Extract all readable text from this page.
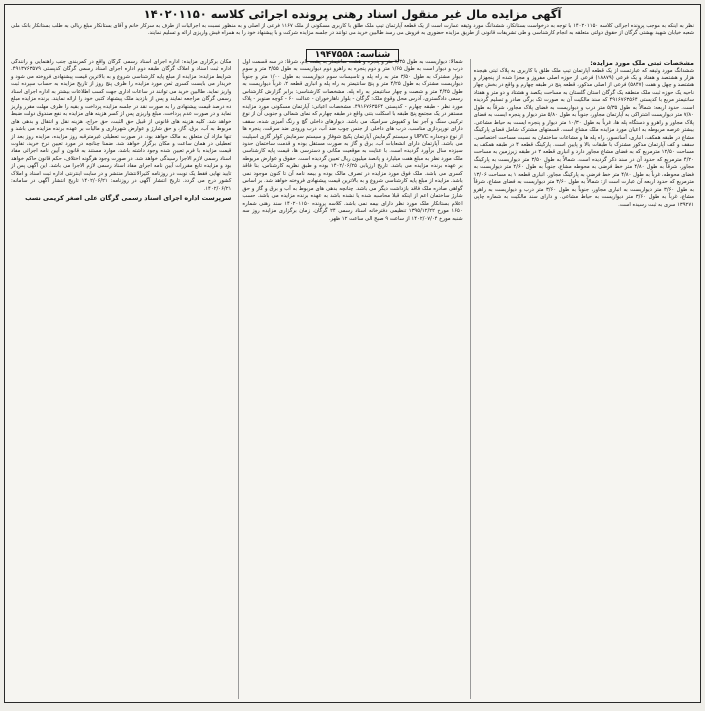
آگهی مزایده مال غیر منقول اسناد رهنی پرونده اجرائی کلاسه ۱۴۰۲۰۱۱۵۰
نظر به اینکه به موجب پرونده اجرائی کلاسه ۱۴۰۲۰۱۱۵۰ با توجه به درخواست بستانکار، ششدانگ مورد وثیقه عمارت است از یک قطعه آپارتمان تیپ ملک طلق با کاربری مسکونی از ملک ۱۱۶۷ فرعی از اصلی و به منظور نسبت به اجرائیات از طرف به سرکار خانم و آقای بستانکار مبلغ ریالی به طلب بستانکار بانک ملی شعبه خیابان شهید بهشتی گرگان از حقوق دولتی متعلقه به انجام کارشناسی و طی تشریفات قانونی از طریق مزایده حضوری به فروش می رسد طالبین خرید می توانند در جلسه مزایده شرکت و با پیشنهاد خود را به همراه فیش واریزی ارائه و تسلیم نمایند.
شناسه: ۱۹۴۷۵۵۸
مشخصات ثبتی ملک مورد مزایده:

ششدانگ مورد وثیقه که عبارتست از یک قطعه آپارتمان تیپ ملک طلق با کاربری به پلاک ثبتی هیجده هزار و هشتصد و هفتاد و یک فرعی (۱۸۸۷۹) فرعی از حوزه اصلی مفروز و مجزا شده از پنجهزار و هشتصد و چهل و هفت (۵۸۴۷) فرعی از اصلی مذکور، قطعه پنج در طبقه چهارم و واقع در بخش چهار ناحیه یک حوزه ثبت ملک منطقه یک گرگان استان گلستان به مساحت یکصد و هشتاد و دو متر و هفتاد سانتیمتر مربع با کدپستی ۴۹۱۶۷۶۳۵۶۴ که سند مالکیت آن به صورت تک برگی صادر و تسلیم گردیده است. حدود اربعه: شمالاً به طول ۵/۳۵ متر درب و دیواریست به فضای پلاک مجاور، شرقاً به طول ۷/۸۰ متر دیواریست اشتراکی به آپارتمان مجاور، جنوباً به طول ۵/۸۰ متر دیوار و پنجره ایست به فضای پلاک مجاور و راهرو و دستگاه پله ها، غرباً به طول ۱۰/۳۰ متر دیوار و پنجره ایست به حیاط مشاعی. بیشتر عرصه مربوطه به اعیان مورد مزایده ملک مشاع است. قسمتهای مشترک شامل فضای پارکینگ مشاع در طبقه همکف، انباری، آسانسور، راه پله ها و مشاعات ساختمان به نسبت مساحت اختصاصی. سقف و کف آپارتمان مذکور مشترک با طبقات بالا و پایین است. پارکینگ قطعه ۴ در طبقه همکف به مساحت ۱۲/۵۰ مترمربع که به فضای مشاع مجاور دارد و انباری قطعه ۲ در طبقه زیرزمین به مساحت ۴/۲۰ مترمربع که حدود آن در سند ذکر گردیده است. شمالاً به طول ۳/۵۰ متر دیواریست به پارکینگ مجاور، شرقاً به طول ۴/۸۰ متر خط فرضی به محوطه مشاع، جنوباً به طول ۲/۶۰ متر دیواریست به فضای محوطه، غرباً به طول ۴/۸۰ متر خط فرضی به پارکینگ مجاور. انباری قطعه ۱ به مساحت ۱۳/۰۶ مترمربع که حدود اربعه آن عبارت است از: شمالاً به طول ۳/۶۰ متر دیواریست به فضای مشاع، شرقاً به طول ۳/۶۰ متر دیواریست به انباری مجاور، جنوباً به طول ۳/۶۰ متر درب و دیواریست به راهرو مشاع، غرباً به طول ۳/۶۰ متر دیواریست به حیاط مشاعی. و دارای سند مالکیت به شماره چاپی ۱۳۹۲۷۱ سری به ثبت رسیده است.

شمالاً: دیواریست به طول ۷/۳۵ متر و پنجره و هشت سانتیمتر به پشت بام، شرقاً: در سه قسمت اول درب و دیوار است به طول ۱/۶۵ متر و دوم پنجره به راهرو دوم دیواریست به طول ۳/۵۵ متر و سوم دیوار مشترک به طول ۳/۵۰ متر به راه پله و تاسیسات سوم دیواریست به طول ۱/۰۰ متر و جنوباً دیواریست مشترک به طول ۴/۲۵ متر و پنج سانتیمتر به راه پله و انباری قطعه ۲، غرباً دیواریست به طول ۴/۴۵ متر و شصت و چهار سانتیمتر به راه پله. مشخصات کارشناسی: برابر گزارش کارشناس رسمی دادگستری، آدرس محل وقوع ملک: گرگان - بلوار ناهارخوران - عدالت ۶۰ - کوچه صنوبر - پلاک مورد نظر - طبقه چهارم - کدپستی ۴۹۱۶۷۶۳۵۶۴. مشخصات اعیانی: آپارتمان مسکونی مورد مزایده مستقر در یک مجتمع پنج طبقه با اسکلت بتنی واقع در طبقه چهارم که نمای شمالی و جنوبی آن از نوع ترکیبی سنگ و آجر نما و کفپوش سرامیک می باشد. دیوارهای داخلی گچ و رنگ آمیزی شده، سقف دارای نورپردازی مناسب، درب های داخلی از جنس چوب ضد آب، درب ورودی ضد سرقت، پنجره ها از نوع دوجداره UPVC و سیستم گرمایش آپارتمان پکیج شوفاژ و سیستم سرمایش کولر گازی اسپلیت می باشد. آپارتمان دارای انشعابات آب، برق و گاز به صورت مستقل بوده و قدمت ساختمان حدود سیزده سال برآورد گردیده است. با عنایت به موقعیت مکانی و دسترسی ها، قیمت پایه کارشناسی ملک مورد نظر به مبلغ هفت میلیارد و پانصد میلیون ریال تعیین گردیده است. حقوق و عوارض مربوطه بر عهده برنده مزایده می باشد. تاریخ ارزیابی ۱۴۰۲/۰۶/۲۵ بوده و طبق نظریه کارشناس، بنا فاقد کسری می باشد. ملک فوق مورد مزایده در تصرف مالک بوده و بیمه نامه آن تا کنون موجود نمی باشد. مزایده از مبلغ پایه کارشناسی شروع و به بالاترین قیمت پیشنهادی فروخته خواهد شد. بر اساس گواهی صادره ملک فاقد بازداشت دیگر می باشد. چنانچه بدهی های مربوط به آب و برق و گاز و حق شارژ ساختمان اعم از اینکه قبلا محاسبه شده یا نشده باشد به عهده برنده مزایده می باشد. حسب اعلام بستانکار ملک مورد نظر دارای بیمه نمی باشد. کلاسه پرونده ۱۴۰۲۰۱۱۵۰ سند رهنی شماره ۱۶۵۰ مورخ ۱۳۹۵/۱۲/۲۲ تنظیمی دفترخانه اسناد رسمی ۲۴ گرگان. زمان برگزاری مزایده روز سه شنبه مورخ ۱۴۰۲/۰۷/۰۴ از ساعت ۹ صبح الی ساعت ۱۲ ظهر.

مکان برگزاری مزایده: اداره اجرای اسناد رسمی گرگان واقع در کمربندی جنب راهنمایی و رانندگی اداره ثبت اسناد و املاک گرگان طبقه دوم اداره اجرای اسناد رسمی گرگان کدپستی ۴۹۱۳۷۶۳۵۷۹. شرایط مزایده: مزایده از مبلغ پایه کارشناسی شروع و به بالاترین قیمت پیشنهادی فروخته می شود و خریدار می بایست کسری ثمن مورد مزایده را ظرف پنج روز از تاریخ مزایده به حساب سپرده ثبت واریز نماید. طالبین خرید می توانند در ساعات اداری جهت کسب اطلاعات بیشتر به اداره اجرای اسناد رسمی گرگان مراجعه نمایند و پس از بازدید ملک پیشنهاد کتبی خود را ارائه نمایند. برنده مزایده مبلغ ده درصد قیمت پیشنهادی را به صورت نقد در جلسه مزایده پرداخت و بقیه را ظرف مهلت مقرر واریز نماید و در صورت عدم پرداخت، مبلغ واریزی پس از کسر هزینه های مزایده به نفع صندوق دولت ضبط خواهد شد. کلیه هزینه های قانونی از قبیل حق الثبت، حق حراج، هزینه نقل و انتقال و بدهی های مربوط به آب، برق، گاز، و حق شارژ و عوارض شهرداری و مالیات بر عهده برنده مزایده می باشد و تنها مازاد آن متعلق به مالک خواهد بود. در صورت تعطیلی غیرمترقبه روز مزایده، مزایده روز بعد از تعطیلی در همان ساعت و مکان برگزار خواهد شد. ضمنا چنانچه در مورد تعیین نرخ خرید، تفاوت قیمت مزایده با فرم تعیین شده وجود داشته باشد، موارد مستند به قانون و آیین نامه اجرائی مفاد اسناد رسمی لازم الاجرا رسیدگی خواهد شد. در صورت وجود هرگونه اختلاف، حکم قانون حاکم خواهد بود و مزایده تابع مقررات آیین نامه اجرای مفاد اسناد رسمی لازم الاجرا می باشد. این آگهی پس از تایید نهایی فقط یک نوبت در روزنامه کثیرالانتشار منتشر و در سایت اینترنتی اداره ثبت اسناد و املاک کشور درج می گردد. تاریخ انتشار آگهی در روزنامه: ۱۴۰۲/۰۶/۲۱ تاریخ انتشار آگهی در سامانه: ۱۴۰۲/۰۶/۲۱.

سرپرست اداره اجرای اسناد رسمی گرگان علی اصغر کریمی نسب
